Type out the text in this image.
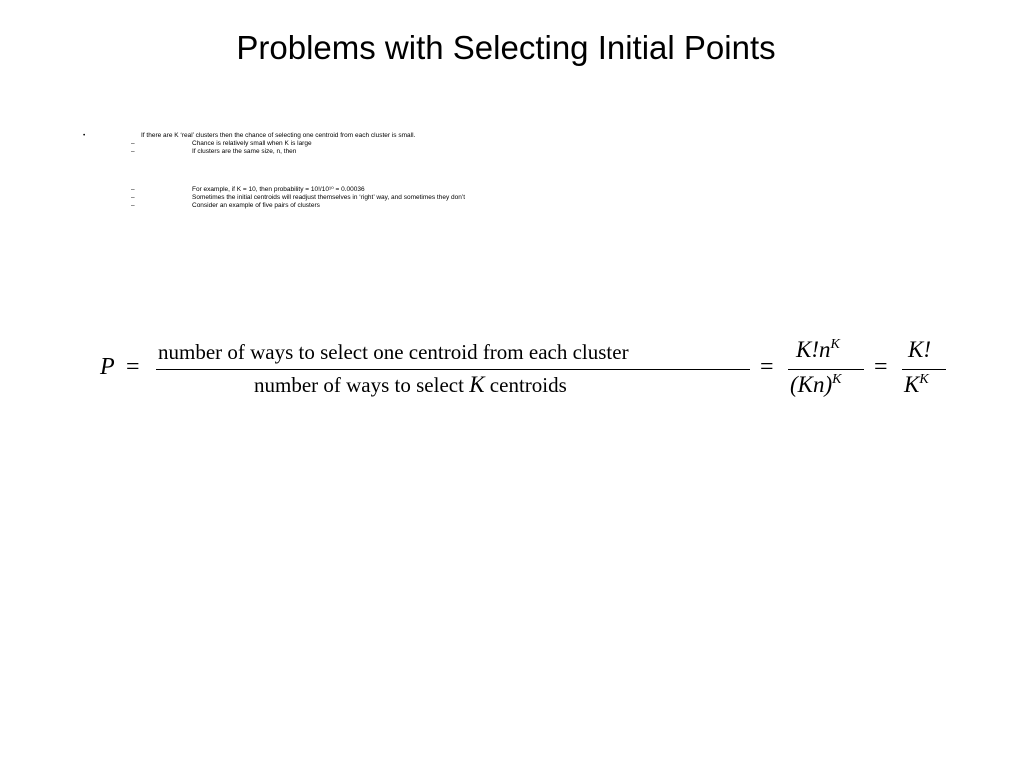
Problems with Selecting Initial Points
•	If there are K ‘real’ clusters then the chance of selecting one centroid from each cluster is small.
–	Chance is relatively small when K is large
–	If clusters are the same size, n, then
–	For example, if K = 10, then probability = 10!/10¹⁰ = 0.00036
–	Sometimes the initial centroids will readjust themselves in ‘right’ way, and sometimes they don’t
–	Consider an example of five pairs of clusters
P =
number of ways to select one centroid from each cluster
number of ways to select K centroids
=
$K!n^K$
$(Kn)^K$ =
K!
$K^K$
